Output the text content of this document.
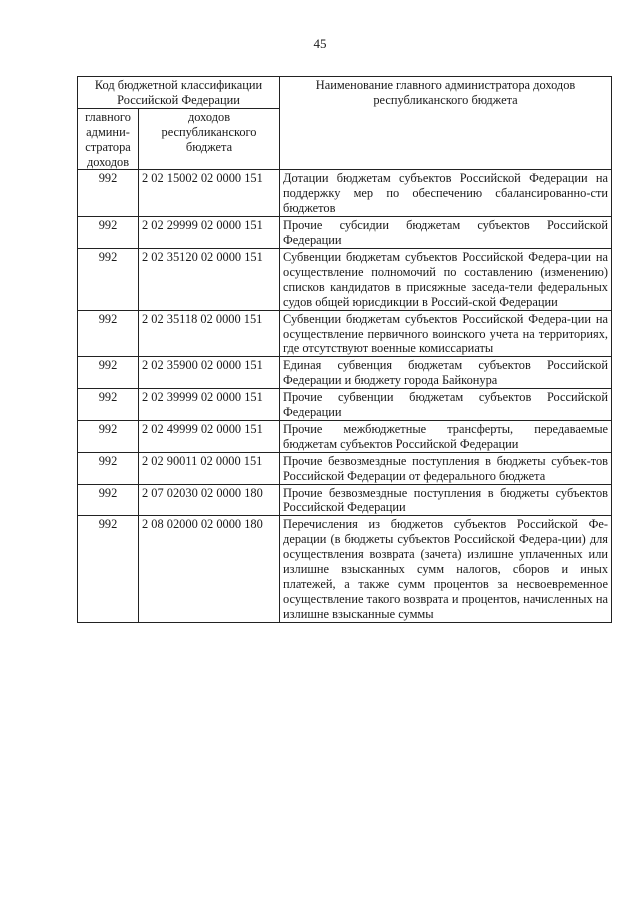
45
Код бюджетной классификации Российской Федерации		Наименование главного администратора доходов республиканского бюджета
главного админи-стратора доходов	доходов республиканского бюджета	
992	2 02 15002 02 0000 151	Дотации бюджетам субъектов Российской Федерации на поддержку мер по обеспечению сбалансированно-сти бюджетов
992	2 02 29999 02 0000 151	Прочие субсидии бюджетам субъектов Российской Федерации
992	2 02 35120 02 0000 151	Субвенции бюджетам субъектов Российской Федера-ции на осуществление полномочий по составлению (изменению) списков кандидатов в присяжные заседа-тели федеральных судов общей юрисдикции в Россий-ской Федерации
992	2 02 35118 02 0000 151	Субвенции бюджетам субъектов Российской Федера-ции на осуществление первичного воинского учета на территориях, где отсутствуют военные комиссариаты
992	2 02 35900 02 0000 151	Единая субвенция бюджетам субъектов Российской Федерации и бюджету города Байконура
992	2 02 39999 02 0000 151	Прочие субвенции бюджетам субъектов Российской Федерации
992	2 02 49999 02 0000 151	Прочие межбюджетные трансферты, передаваемые бюджетам субъектов Российской Федерации
992	2 02 90011 02 0000 151	Прочие безвозмездные поступления в бюджеты субъек-тов Российской Федерации от федерального бюджета
992	2 07 02030 02 0000 180	Прочие безвозмездные поступления в бюджеты субъектов Российской Федерации
992	2 08 02000 02 0000 180	Перечисления из бюджетов субъектов Российской Фе-дерации (в бюджеты субъектов Российской Федера-ции) для осуществления возврата (зачета) излишне уплаченных или излишне взысканных сумм налогов, сборов и иных платежей, а также сумм процентов за несвоевременное осуществление такого возврата и процентов, начисленных на излишне взысканные суммы
